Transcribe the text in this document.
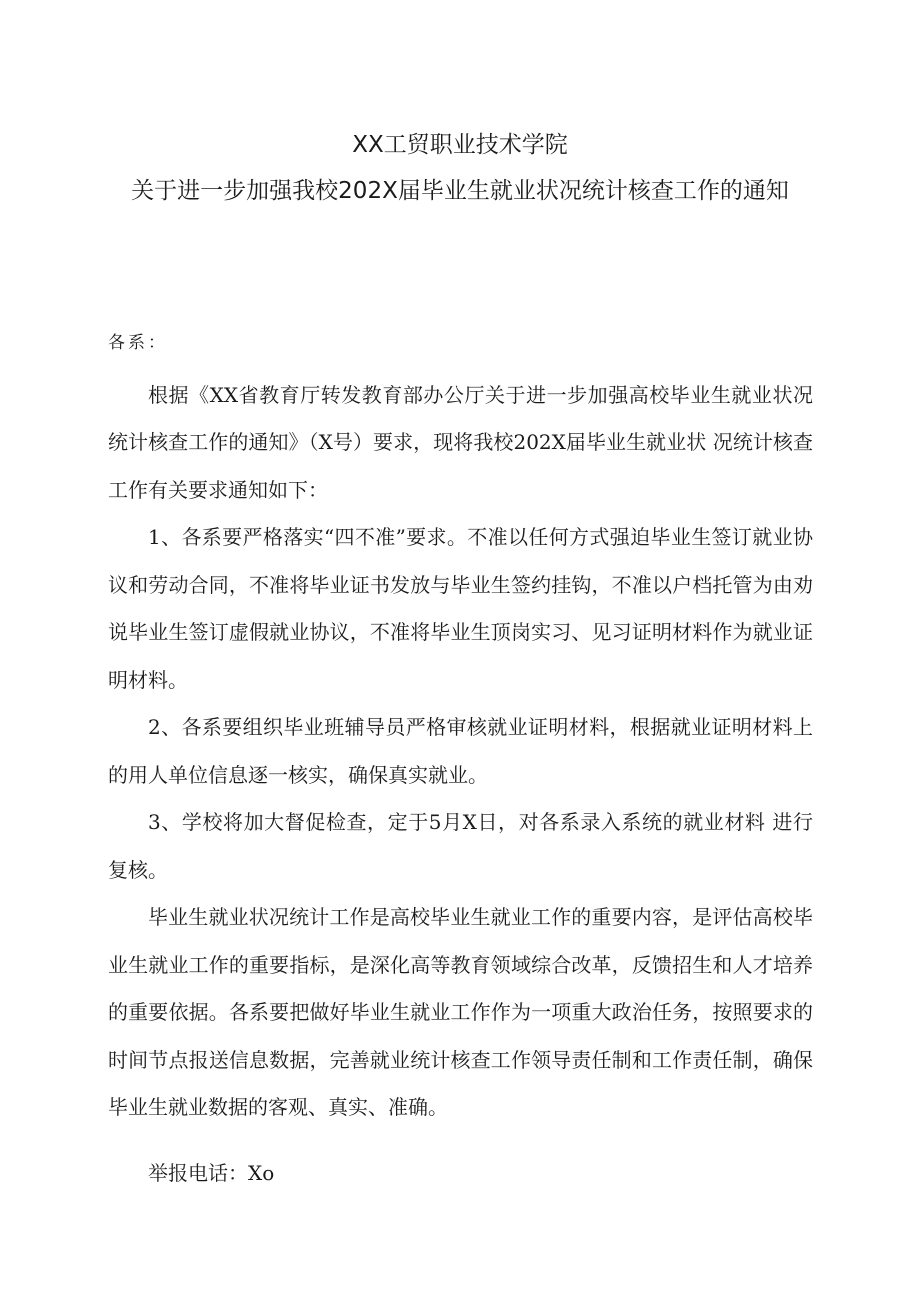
XX工贸职业技术学院
关于进一步加强我校202X届毕业生就业状况统计核查工作的通知

各系：

根据《XX省教育厅转发教育部办公厅关于进一步加强高校毕业生就业状况统计核查工作的通知》（X号）要求，现将我校202X届毕业生就业状 况统计核查工作有关要求通知如下：

1、各系要严格落实“四不准”要求。不准以任何方式强迫毕业生签订就业协议和劳动合同，不准将毕业证书发放与毕业生签约挂钩，不准以户档托管为由劝说毕业生签订虚假就业协议，不准将毕业生顶岗实习、见习证明材料作为就业证明材料。

2、各系要组织毕业班辅导员严格审核就业证明材料，根据就业证明材料上的用人单位信息逐一核实，确保真实就业。

3、学校将加大督促检查，定于5月X日，对各系录入系统的就业材料 进行复核。

毕业生就业状况统计工作是高校毕业生就业工作的重要内容，是评估高校毕业生就业工作的重要指标，是深化高等教育领域综合改革，反馈招生和人才培养的重要依据。各系要把做好毕业生就业工作作为一项重大政治任务，按照要求的时间节点报送信息数据，完善就业统计核查工作领导责任制和工作责任制，确保毕业生就业数据的客观、真实、准确。

举报电话：Xo
